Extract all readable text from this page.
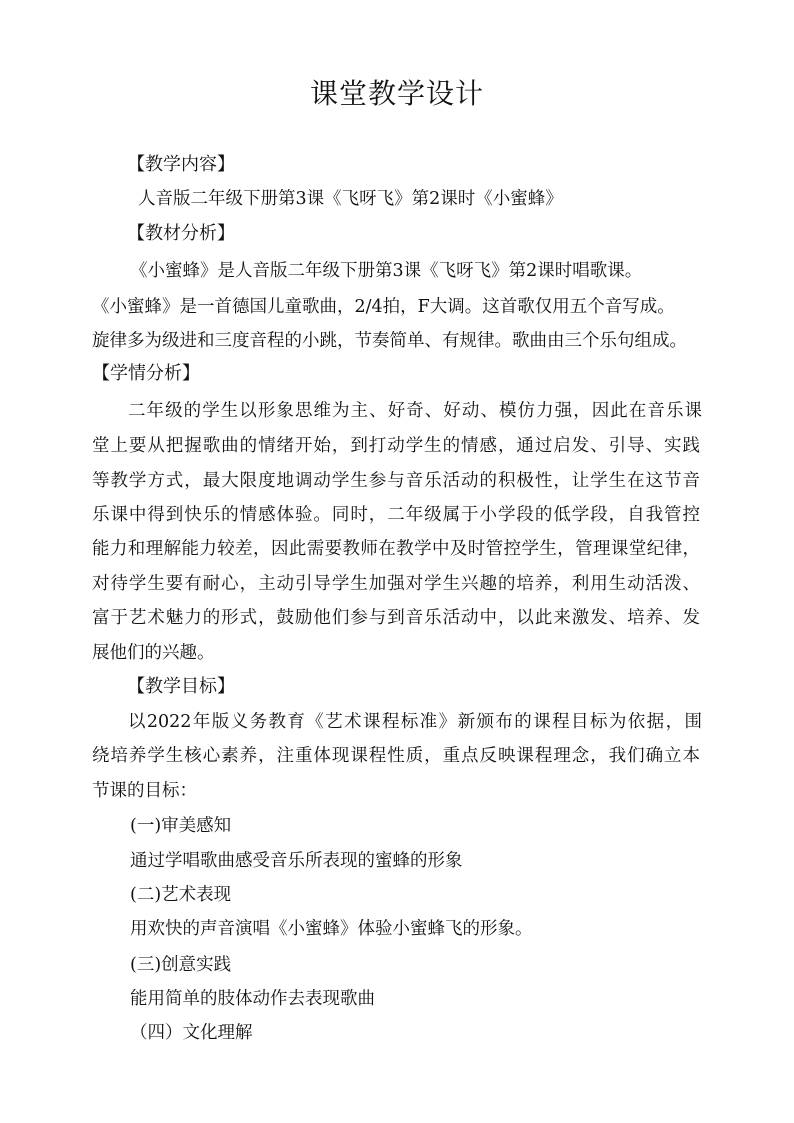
课堂教学设计
【教学内容】
人音版二年级下册第3课《飞呀飞》第2课时《小蜜蜂》
【教材分析】
《小蜜蜂》是人音版二年级下册第3课《飞呀飞》第2课时唱歌课。
《小蜜蜂》是一首德国儿童歌曲，2/4拍，F大调。这首歌仅用五个音写成。
旋律多为级进和三度音程的小跳，节奏简单、有规律。歌曲由三个乐句组成。
【学情分析】
二年级的学生以形象思维为主、好奇、好动、模仿力强，因此在音乐课
堂上要从把握歌曲的情绪开始，到打动学生的情感，通过启发、引导、实践
等教学方式，最大限度地调动学生参与音乐活动的积极性，让学生在这节音
乐课中得到快乐的情感体验。同时，二年级属于小学段的低学段，自我管控
能力和理解能力较差，因此需要教师在教学中及时管控学生，管理课堂纪律，
对待学生要有耐心，主动引导学生加强对学生兴趣的培养，利用生动活泼、
富于艺术魅力的形式，鼓励他们参与到音乐活动中，以此来激发、培养、发
展他们的兴趣。
【教学目标】
以2022年版义务教育《艺术课程标准》新颁布的课程目标为依据，围
绕培养学生核心素养，注重体现课程性质，重点反映课程理念，我们确立本
节课的目标：
(一)审美感知
通过学唱歌曲感受音乐所表现的蜜蜂的形象
(二)艺术表现
用欢快的声音演唱《小蜜蜂》体验小蜜蜂飞的形象。
(三)创意实践
能用简单的肢体动作去表现歌曲
（四）文化理解
